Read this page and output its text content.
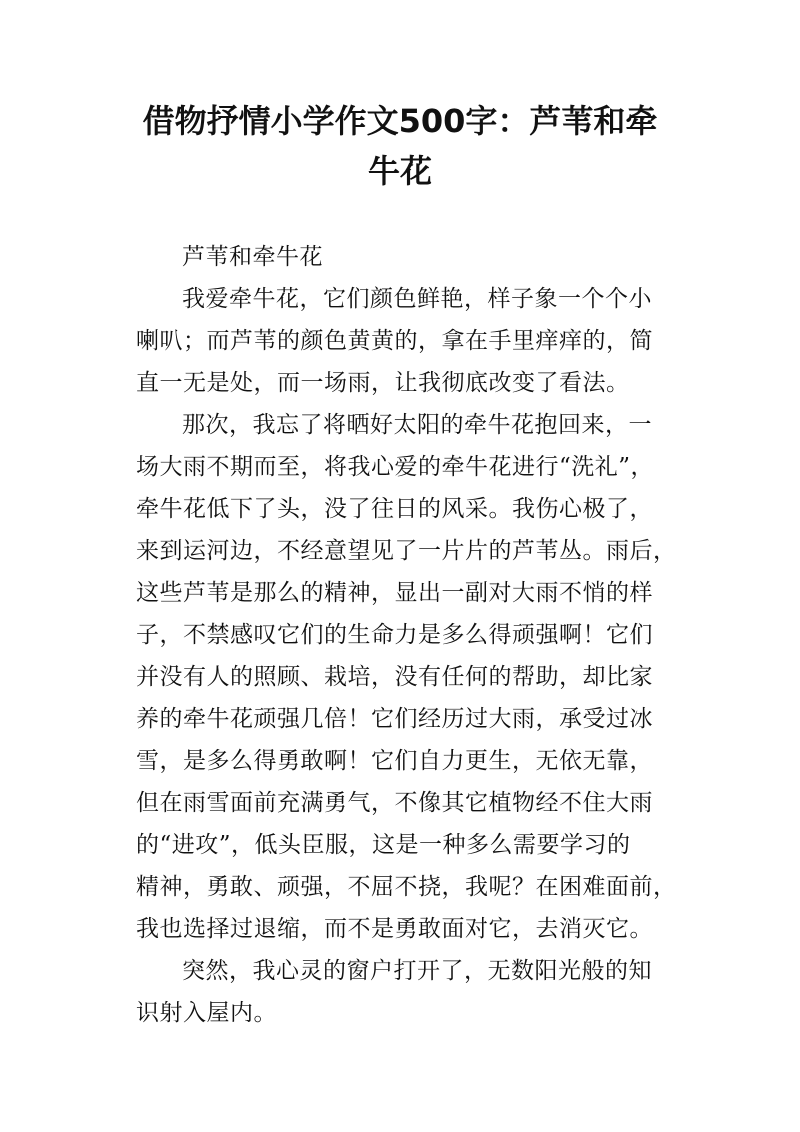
借物抒情小学作文500字：芦苇和牵
牛花

芦苇和牵牛花

我爱牵牛花，它们颜色鲜艳，样子象一个个小
喇叭；而芦苇的颜色黄黄的，拿在手里痒痒的，简
直一无是处，而一场雨，让我彻底改变了看法。

那次，我忘了将晒好太阳的牵牛花抱回来，一
场大雨不期而至，将我心爱的牵牛花进行“洗礼”，
牵牛花低下了头，没了往日的风采。我伤心极了，
来到运河边，不经意望见了一片片的芦苇丛。雨后，
这些芦苇是那么的精神，显出一副对大雨不悄的样
子，不禁感叹它们的生命力是多么得顽强啊！它们
并没有人的照顾、栽培，没有任何的帮助，却比家
养的牵牛花顽强几倍！它们经历过大雨，承受过冰
雪，是多么得勇敢啊！它们自力更生，无依无靠，
但在雨雪面前充满勇气，不像其它植物经不住大雨
的“进攻”，低头臣服，这是一种多么需要学习的
精神，勇敢、顽强，不屈不挠，我呢？在困难面前，
我也选择过退缩，而不是勇敢面对它，去消灭它。

突然，我心灵的窗户打开了，无数阳光般的知
识射入屋内。
